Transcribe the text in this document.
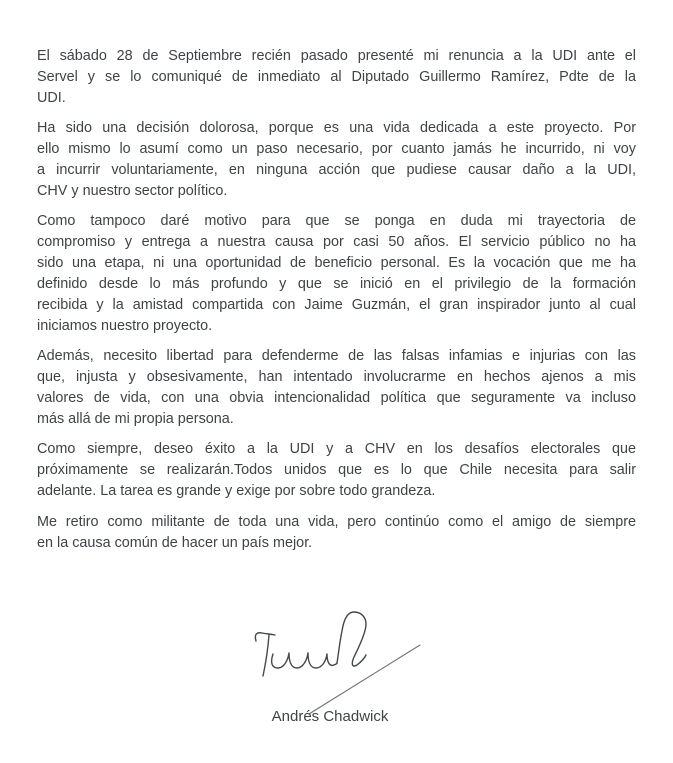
El sábado 28 de Septiembre recién pasado presenté mi renuncia a la UDI ante el
Servel y se lo comuniqué de inmediato al Diputado Guillermo Ramírez, Pdte de la
UDI.

Ha sido una decisión dolorosa, porque es una vida dedicada a este proyecto. Por
ello mismo lo asumí como un paso necesario, por cuanto jamás he incurrido, ni voy
a incurrir voluntariamente, en ninguna acción que pudiese causar daño a la UDI,
CHV y nuestro sector político.

Como tampoco daré motivo para que se ponga en duda mi trayectoria de
compromiso y entrega a nuestra causa por casi 50 años. El servicio público no ha
sido una etapa, ni una oportunidad de beneficio personal. Es la vocación que me ha
definido desde lo más profundo y que se inició en el privilegio de la formación
recibida y la amistad compartida con Jaime Guzmán, el gran inspirador junto al cual
iniciamos nuestro proyecto.

Además, necesito libertad para defenderme de las falsas infamias e injurias con las
que, injusta y obsesivamente, han intentado involucrarme en hechos ajenos a mis
valores de vida, con una obvia intencionalidad política que seguramente va incluso
más allá de mi propia persona.

Como siempre, deseo éxito a la UDI y a CHV en los desafíos electorales que
próximamente se realizarán.Todos unidos que es lo que Chile necesita para salir
adelante. La tarea es grande y exige por sobre todo grandeza.

Me retiro como militante de toda una vida, pero continúo como el amigo de siempre
en la causa común de hacer un país mejor.

Andrés Chadwick
